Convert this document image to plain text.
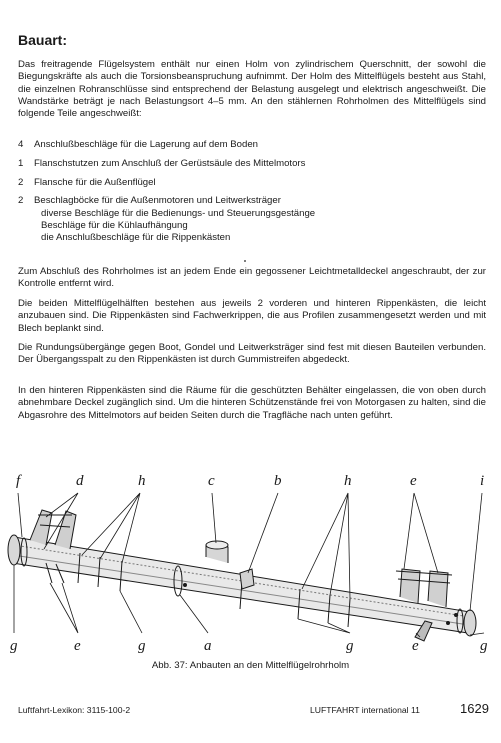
Bauart:

Das freitragende Flügelsystem enthält nur einen Holm von zylindrischem Querschnitt, der sowohl die Biegungskräfte als auch die Torsionsbeanspruchung aufnimmt. Der Holm des Mittelflügels besteht aus Stahl, die einzelnen Rohranschlüsse sind entsprechend der Belastung ausgelegt und elektrisch angeschweißt. Die Wandstärke beträgt je nach Belastungsort 4–5 mm. An den stählernen Rohrholmen des Mittelflügels sind folgende Teile angeschweißt:

4	Anschlußbeschläge für die Lagerung auf dem Boden
1	Flanschstutzen zum Anschluß der Gerüstsäule des Mittelmotors
2	Flansche für die Außenflügel
2	Beschlagböcke für die Außenmotoren und Leitwerksträger
diverse Beschläge für die Bedienungs- und Steuerungsgestänge
Beschläge für die Kühlaufhängung
die Anschlußbeschläge für die Rippenkästen

Zum Abschluß des Rohrholmes ist an jedem Ende ein gegossener Leichtmetalldeckel angeschraubt, der zur Kontrolle entfernt wird.

Die beiden Mittelflügelhälften bestehen aus jeweils 2 vorderen und hinteren Rippenkästen, die leicht anzubauen sind. Die Rippenkästen sind Fachwerkrippen, die aus Profilen zusammengesetzt werden und mit Blech beplankt sind.

Die Rundungsübergänge gegen Boot, Gondel und Leitwerksträger sind fest mit diesen Bauteilen verbunden. Der Übergangsspalt zu den Rippenkästen ist durch Gummistreifen abgedeckt.

In den hinteren Rippenkästen sind die Räume für die geschützten Behälter eingelassen, die von oben durch abnehmbare Deckel zugänglich sind. Um die hinteren Schützenstände frei von Motorgasen zu halten, sind die Abgasrohre des Mittelmotors auf beiden Seiten durch die Tragfläche nach unten geführt.

f	d	h	c	b	h	e	i
g	e	g	a	g	e	g
Abb. 37: Anbauten an den Mittelflügelrohrholm
Luftfahrt-Lexikon: 3115-100-2	LUFTFAHRT international 11	1629
